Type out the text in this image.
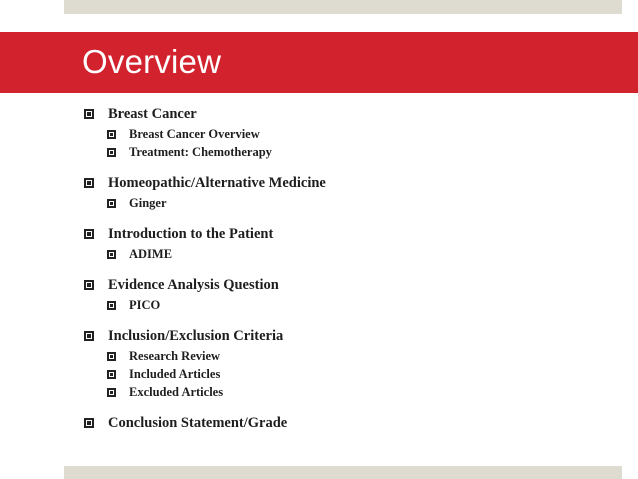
Overview
Breast Cancer
Breast Cancer Overview
Treatment: Chemotherapy
Homeopathic/Alternative Medicine
Ginger
Introduction to the Patient
ADIME
Evidence Analysis Question
PICO
Inclusion/Exclusion Criteria
Research Review
Included Articles
Excluded Articles
Conclusion Statement/Grade
